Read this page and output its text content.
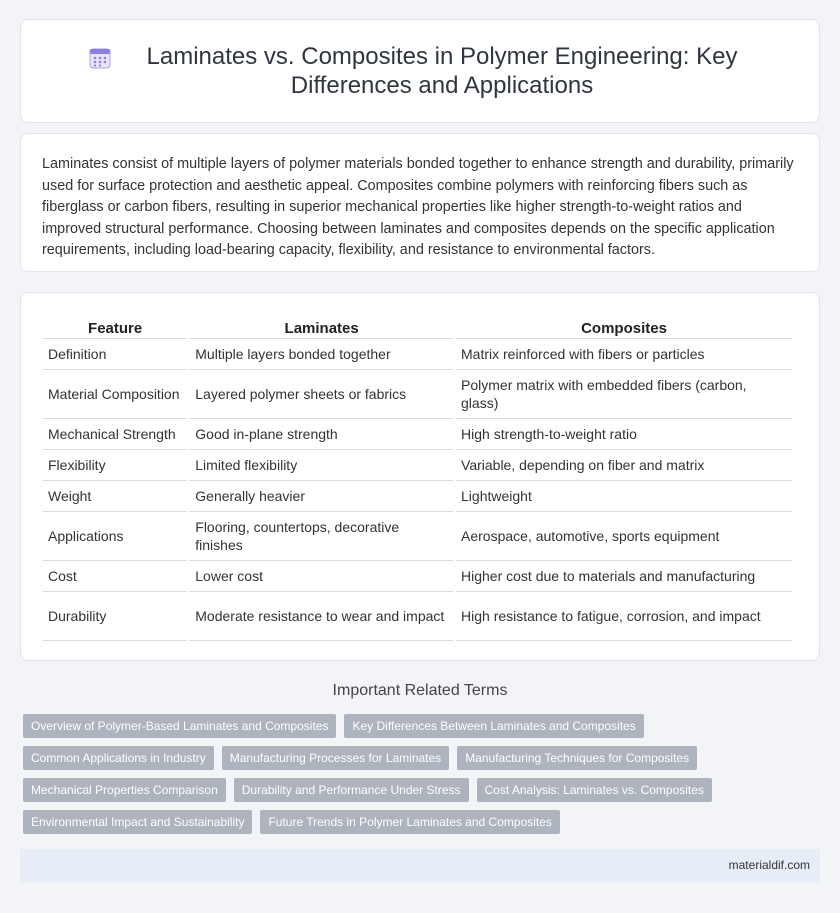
Laminates vs. Composites in Polymer Engineering: Key Differences and Applications

Laminates consist of multiple layers of polymer materials bonded together to enhance strength and durability, primarily used for surface protection and aesthetic appeal. Composites combine polymers with reinforcing fibers such as fiberglass or carbon fibers, resulting in superior mechanical properties like higher strength-to-weight ratios and improved structural performance. Choosing between laminates and composites depends on the specific application requirements, including load-bearing capacity, flexibility, and resistance to environmental factors.

Feature	Laminates	Composites
Definition	Multiple layers bonded together	Matrix reinforced with fibers or particles
Material Composition	Layered polymer sheets or fabrics	Polymer matrix with embedded fibers (carbon, glass)
Mechanical Strength	Good in-plane strength	High strength-to-weight ratio
Flexibility	Limited flexibility	Variable, depending on fiber and matrix
Weight	Generally heavier	Lightweight
Applications	Flooring, countertops, decorative finishes	Aerospace, automotive, sports equipment
Cost	Lower cost	Higher cost due to materials and manufacturing
Durability	Moderate resistance to wear and impact	High resistance to fatigue, corrosion, and impact
Important Related Terms
Overview of Polymer-Based Laminates and Composites	Key Differences Between Laminates and Composites
Common Applications in Industry	Manufacturing Processes for Laminates	Manufacturing Techniques for Composites
Mechanical Properties Comparison	Durability and Performance Under Stress	Cost Analysis: Laminates vs. Composites
Environmental Impact and Sustainability	Future Trends in Polymer Laminates and Composites
materialdif.com
